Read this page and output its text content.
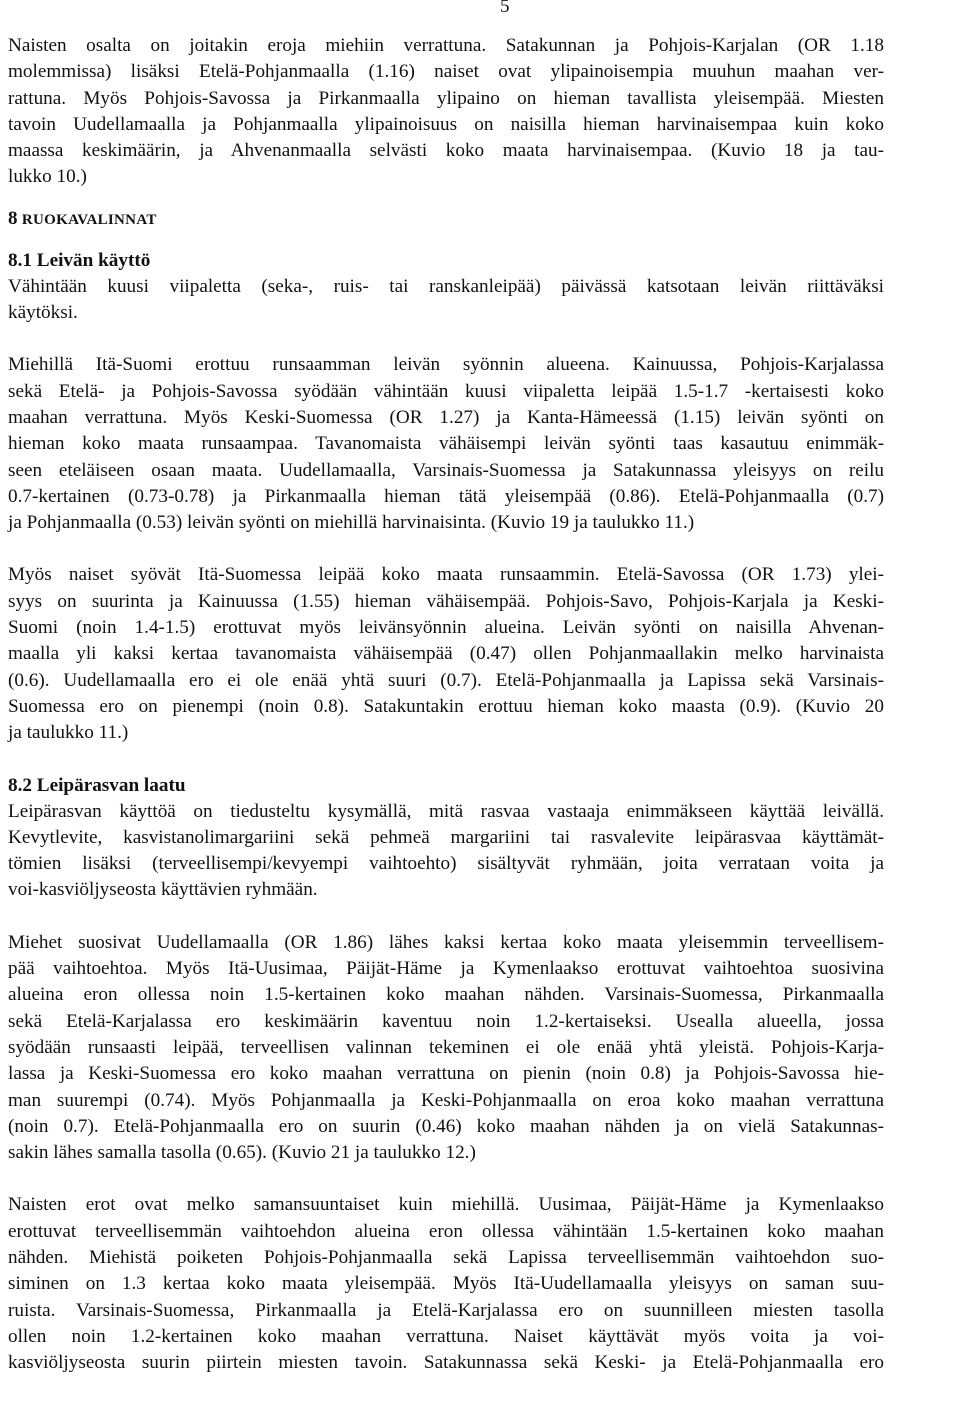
5
Naisten osalta on joitakin eroja miehiin verrattuna. Satakunnan ja Pohjois-Karjalan (OR 1.18
molemmissa) lisäksi Etelä-Pohjanmaalla (1.16) naiset ovat ylipainoisempia muuhun maahan ver-
rattuna. Myös Pohjois-Savossa ja Pirkanmaalla ylipaino on hieman tavallista yleisempää. Miesten
tavoin Uudellamaalla ja Pohjanmaalla ylipainoisuus on naisilla hieman harvinaisempaa kuin koko
maassa keskimäärin, ja Ahvenanmaalla selvästi koko maata harvinaisempaa. (Kuvio 18 ja tau-
lukko 10.)
8 RUOKAVALINNAT
8.1 Leivän käyttö
Vähintään kuusi viipaletta (seka-, ruis- tai ranskanleipää) päivässä katsotaan leivän riittäväksi
käytöksi.
Miehillä Itä-Suomi erottuu runsaamman leivän syönnin alueena. Kainuussa, Pohjois-Karjalassa
sekä Etelä- ja Pohjois-Savossa syödään vähintään kuusi viipaletta leipää 1.5-1.7 -kertaisesti koko
maahan verrattuna. Myös Keski-Suomessa (OR 1.27) ja Kanta-Hämeessä (1.15) leivän syönti on
hieman koko maata runsaampaa. Tavanomaista vähäisempi leivän syönti taas kasautuu enimmäk-
seen eteläiseen osaan maata. Uudellamaalla, Varsinais-Suomessa ja Satakunnassa yleisyys on reilu
0.7-kertainen (0.73-0.78) ja Pirkanmaalla hieman tätä yleisempää (0.86). Etelä-Pohjanmaalla (0.7)
ja Pohjanmaalla (0.53) leivän syönti on miehillä harvinaisinta. (Kuvio 19 ja taulukko 11.)
Myös naiset syövät Itä-Suomessa leipää koko maata runsaammin. Etelä-Savossa (OR 1.73) ylei-
syys on suurinta ja Kainuussa (1.55) hieman vähäisempää. Pohjois-Savo, Pohjois-Karjala ja Keski-
Suomi (noin 1.4-1.5) erottuvat myös leivänsyönnin alueina. Leivän syönti on naisilla Ahvenan-
maalla yli kaksi kertaa tavanomaista vähäisempää (0.47) ollen Pohjanmaallakin melko harvinaista
(0.6). Uudellamaalla ero ei ole enää yhtä suuri (0.7). Etelä-Pohjanmaalla ja Lapissa sekä Varsinais-
Suomessa ero on pienempi (noin 0.8). Satakuntakin erottuu hieman koko maasta (0.9). (Kuvio 20
ja taulukko 11.)
8.2 Leipärasvan laatu
Leipärasvan käyttöä on tiedusteltu kysymällä, mitä rasvaa vastaaja enimmäkseen käyttää leivällä.
Kevytlevite, kasvistanolimargariini sekä pehmeä margariini tai rasvalevite leipärasvaa käyttämät-
tömien lisäksi (terveellisempi/kevyempi vaihtoehto) sisältyvät ryhmään, joita verrataan voita ja
voi-kasviöljyseosta käyttävien ryhmään.
Miehet suosivat Uudellamaalla (OR 1.86) lähes kaksi kertaa koko maata yleisemmin terveellisem-
pää vaihtoehtoa. Myös Itä-Uusimaa, Päijät-Häme ja Kymenlaakso erottuvat vaihtoehtoa suosivina
alueina eron ollessa noin 1.5-kertainen koko maahan nähden. Varsinais-Suomessa, Pirkanmaalla
sekä Etelä-Karjalassa ero keskimäärin kaventuu noin 1.2-kertaiseksi. Usealla alueella, jossa
syödään runsaasti leipää, terveellisen valinnan tekeminen ei ole enää yhtä yleistä. Pohjois-Karja-
lassa ja Keski-Suomessa ero koko maahan verrattuna on pienin (noin 0.8) ja Pohjois-Savossa hie-
man suurempi (0.74). Myös Pohjanmaalla ja Keski-Pohjanmaalla on eroa koko maahan verrattuna
(noin 0.7). Etelä-Pohjanmaalla ero on suurin (0.46) koko maahan nähden ja on vielä Satakunnas-
sakin lähes samalla tasolla (0.65). (Kuvio 21 ja taulukko 12.)
Naisten erot ovat melko samansuuntaiset kuin miehillä. Uusimaa, Päijät-Häme ja Kymenlaakso
erottuvat terveellisemmän vaihtoehdon alueina eron ollessa vähintään 1.5-kertainen koko maahan
nähden. Miehistä poiketen Pohjois-Pohjanmaalla sekä Lapissa terveellisemmän vaihtoehdon suo-
siminen on 1.3 kertaa koko maata yleisempää. Myös Itä-Uudellamaalla yleisyys on saman suu-
ruista. Varsinais-Suomessa, Pirkanmaalla ja Etelä-Karjalassa ero on suunnilleen miesten tasolla
ollen noin 1.2-kertainen koko maahan verrattuna. Naiset käyttävät myös voita ja voi-
kasviöljyseosta suurin piirtein miesten tavoin. Satakunnassa sekä Keski- ja Etelä-Pohjanmaalla ero
